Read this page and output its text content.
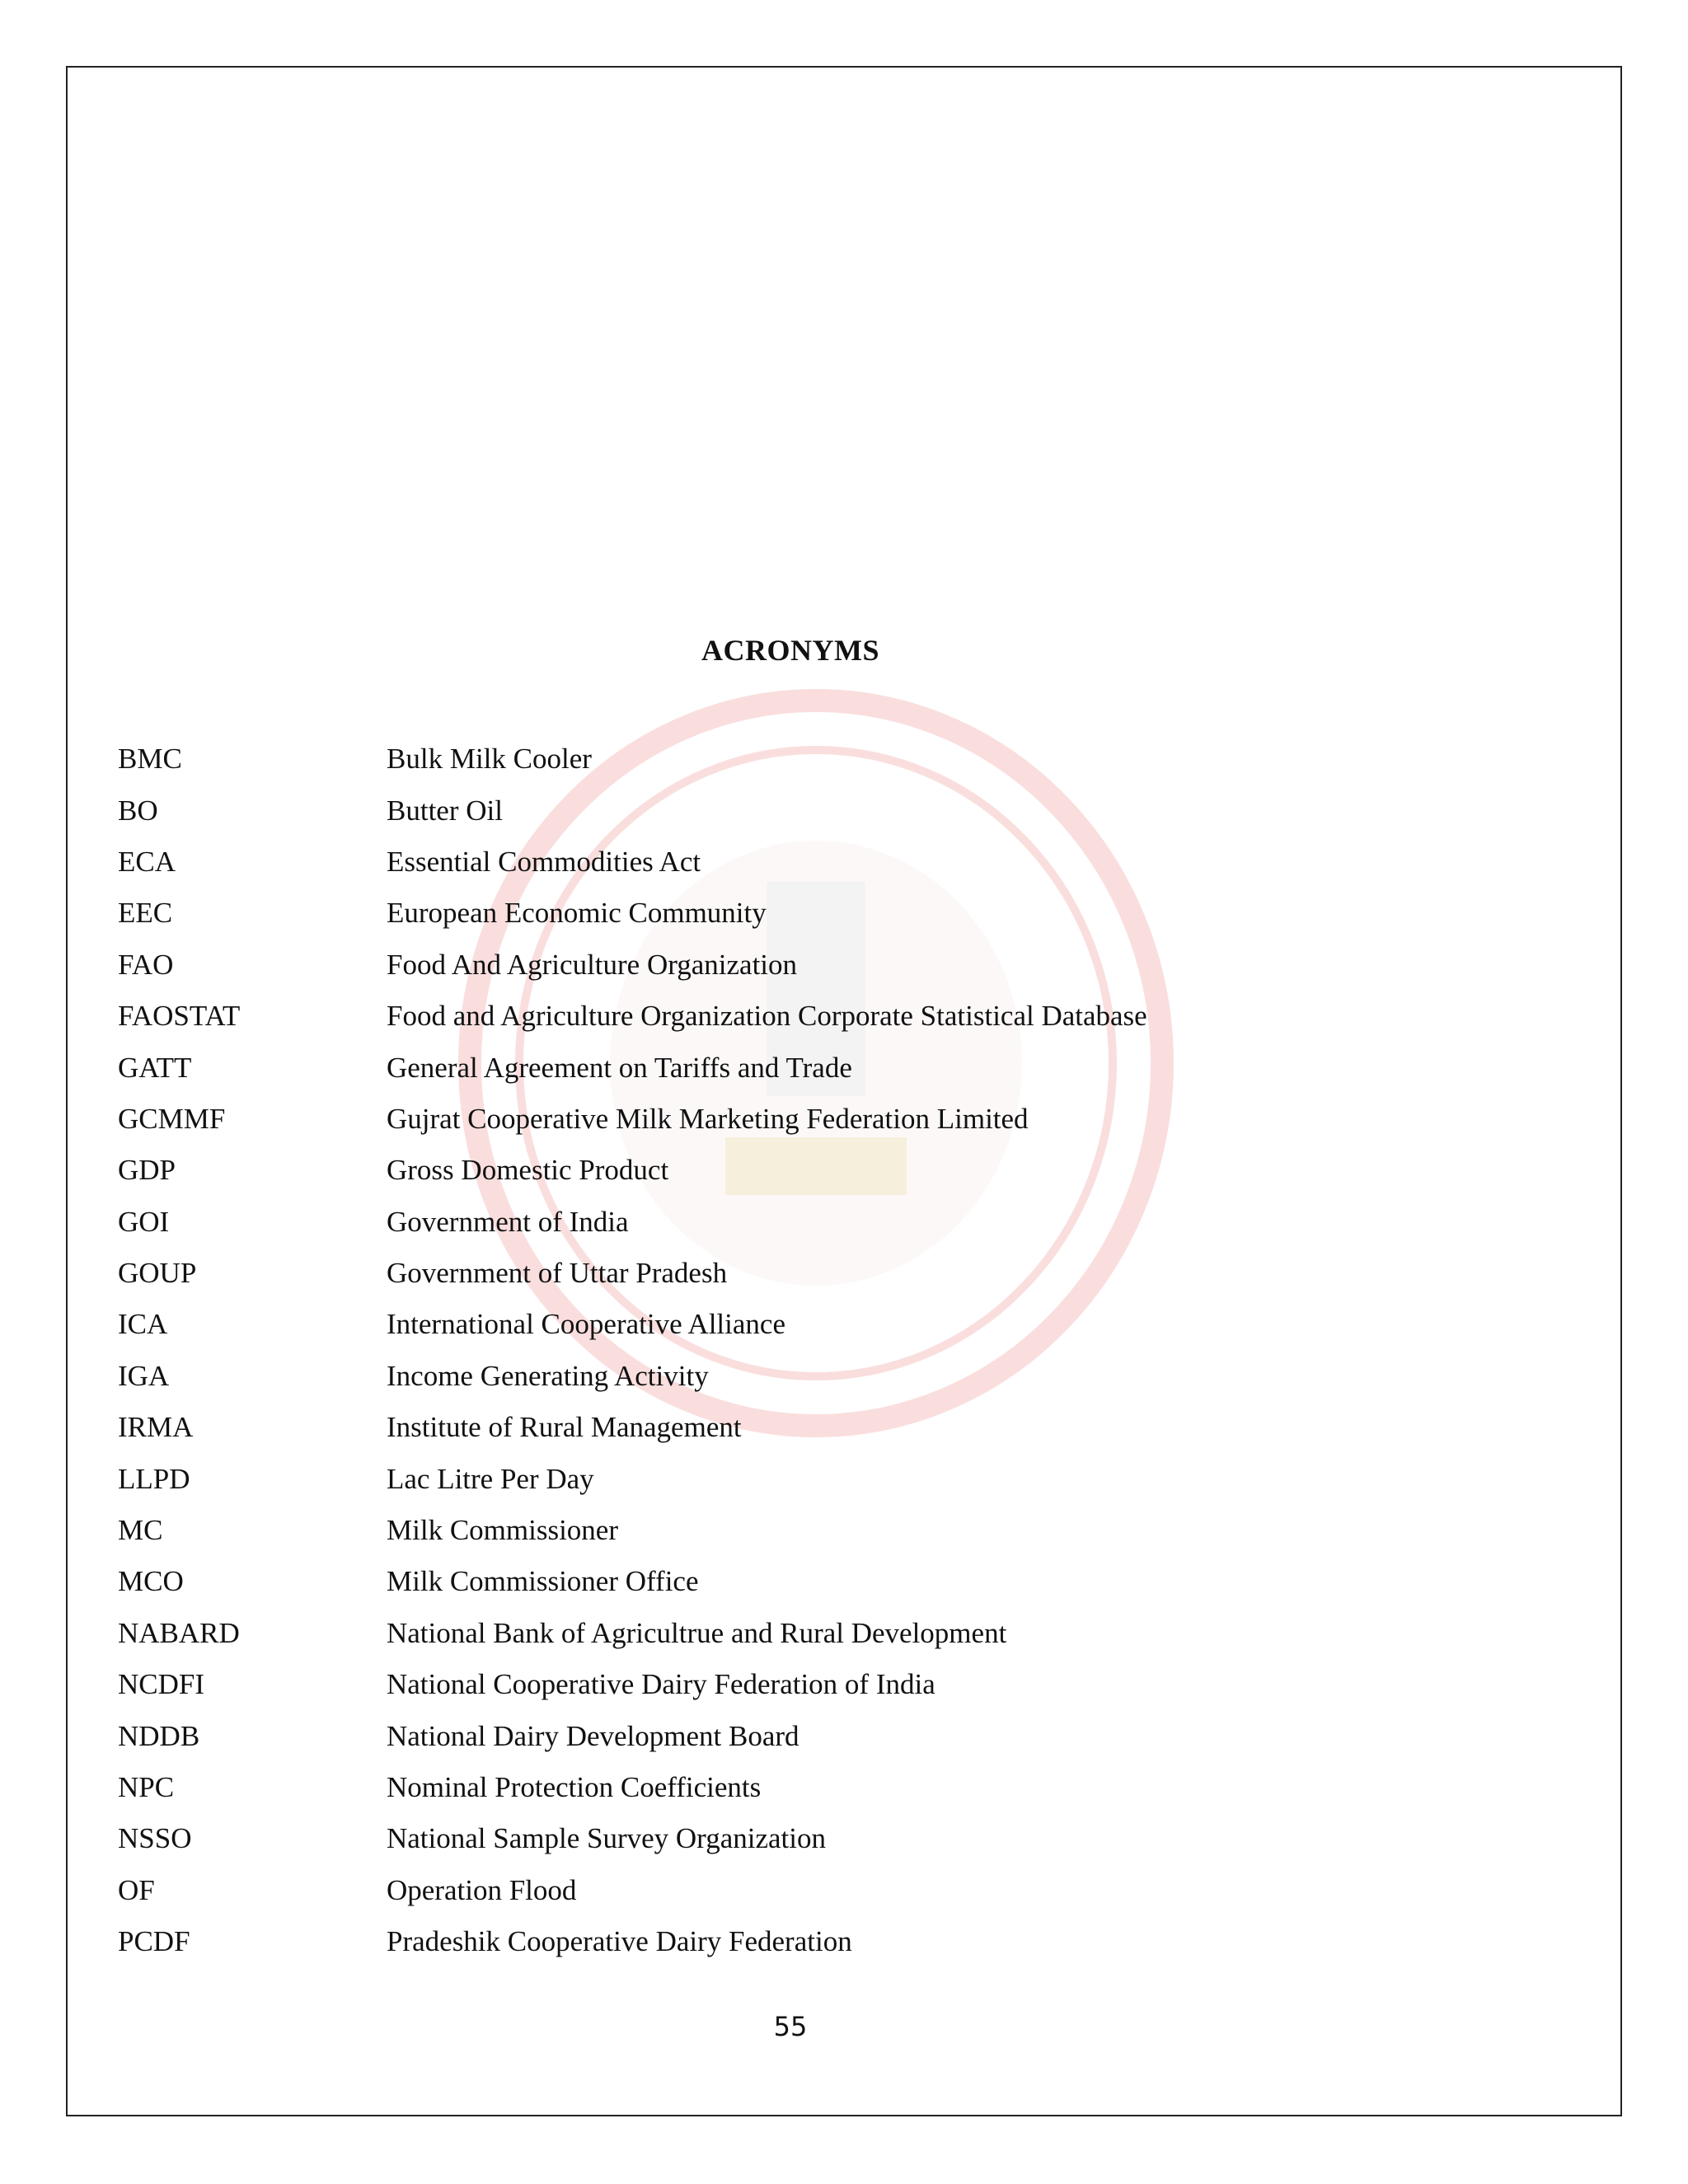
ACRONYMS
BMC	Bulk Milk Cooler
BO	Butter Oil
ECA	Essential Commodities Act
EEC	European Economic Community
FAO	Food And Agriculture Organization
FAOSTAT	Food and Agriculture Organization Corporate Statistical Database
GATT	General Agreement on Tariffs and Trade
GCMMF	Gujrat Cooperative Milk Marketing Federation Limited
GDP	Gross Domestic Product
GOI	Government of India
GOUP	Government of Uttar Pradesh
ICA	International Cooperative Alliance
IGA	Income Generating Activity
IRMA	Institute of Rural Management
LLPD	Lac Litre Per Day
MC	Milk Commissioner
MCO	Milk Commissioner Office
NABARD	National Bank of Agricultrue and Rural Development
NCDFI	National Cooperative Dairy Federation of India
NDDB	National Dairy Development Board
NPC	Nominal Protection Coefficients
NSSO	National Sample Survey Organization
OF	Operation Flood
PCDF	Pradeshik Cooperative Dairy Federation
55
